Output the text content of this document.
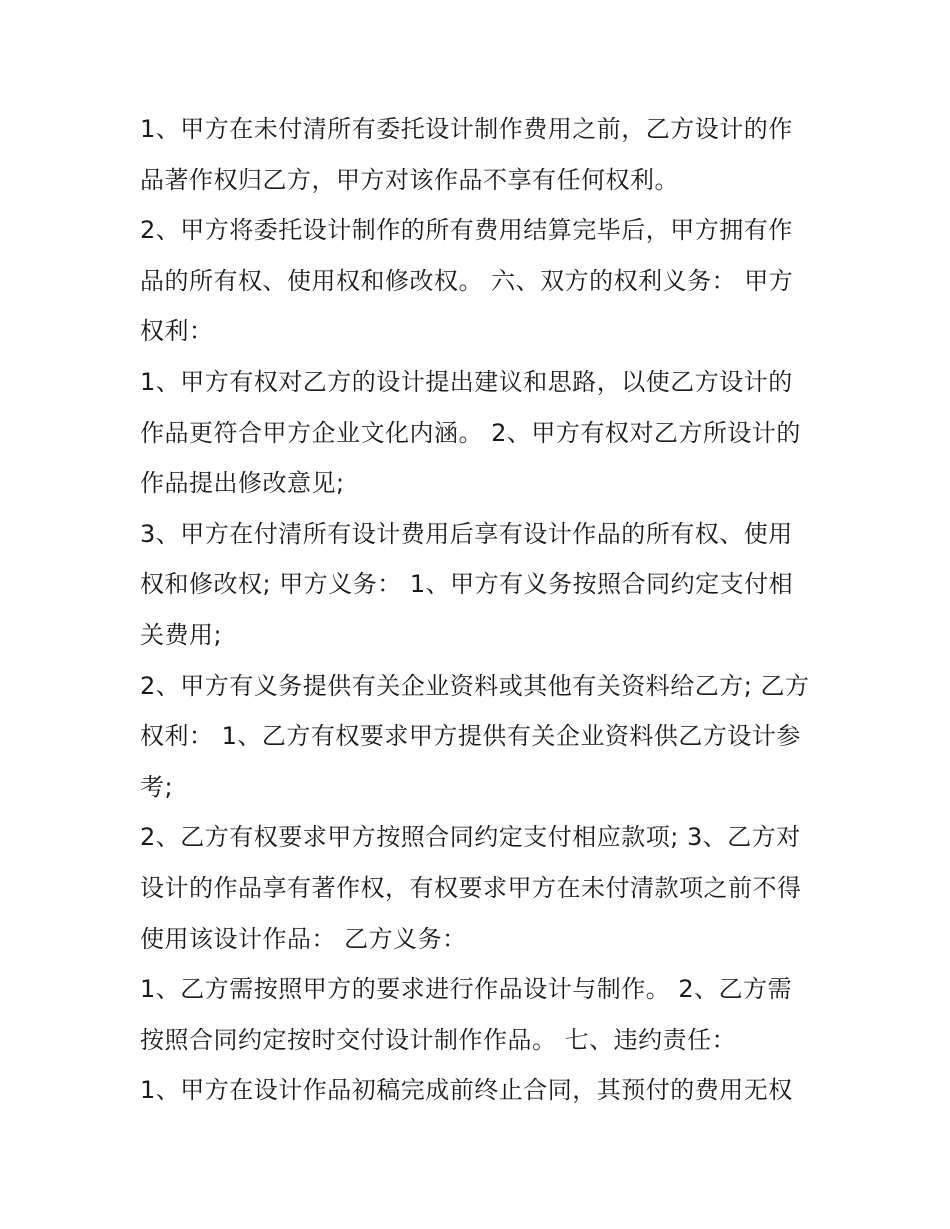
1、甲方在未付清所有委托设计制作费用之前，乙方设计的作
品著作权归乙方，甲方对该作品不享有任何权利。
2、甲方将委托设计制作的所有费用结算完毕后，甲方拥有作
品的所有权、使用权和修改权。 六、双方的权利义务： 甲方
权利：
1、甲方有权对乙方的设计提出建议和思路，以使乙方设计的
作品更符合甲方企业文化内涵。 2、甲方有权对乙方所设计的
作品提出修改意见;
3、甲方在付清所有设计费用后享有设计作品的所有权、使用
权和修改权; 甲方义务： 1、甲方有义务按照合同约定支付相
关费用;
2、甲方有义务提供有关企业资料或其他有关资料给乙方; 乙方
权利： 1、乙方有权要求甲方提供有关企业资料供乙方设计参
考;
2、乙方有权要求甲方按照合同约定支付相应款项; 3、乙方对
设计的作品享有著作权，有权要求甲方在未付清款项之前不得
使用该设计作品： 乙方义务：
1、乙方需按照甲方的要求进行作品设计与制作。 2、乙方需
按照合同约定按时交付设计制作作品。 七、违约责任：
1、甲方在设计作品初稿完成前终止合同，其预付的费用无权
